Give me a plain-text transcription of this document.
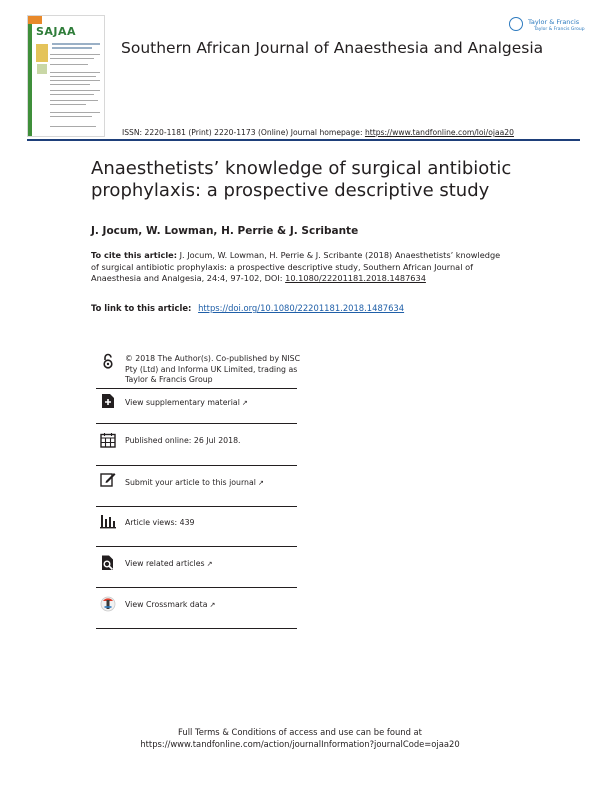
SAJAA
Southern African Journal of Anaesthesia and Analgesia
Taylor & Francis
Taylor & Francis Group
ISSN: 2220-1181 (Print) 2220-1173 (Online) Journal homepage: https://www.tandfonline.com/loi/ojaa20
Anaesthetists’ knowledge of surgical antibiotic prophylaxis: a prospective descriptive study
J. Jocum, W. Lowman, H. Perrie & J. Scribante
To cite this article: J. Jocum, W. Lowman, H. Perrie & J. Scribante (2018) Anaesthetists’ knowledge of surgical antibiotic prophylaxis: a prospective descriptive study, Southern African Journal of Anaesthesia and Analgesia, 24:4, 97-102, DOI: 10.1080/22201181.2018.1487634
To link to this article: https://doi.org/10.1080/22201181.2018.1487634
© 2018 The Author(s). Co-published by NISC Pty (Ltd) and Informa UK Limited, trading as Taylor & Francis Group
View supplementary material ↗
Published online: 26 Jul 2018.
Submit your article to this journal ↗
Article views: 439
View related articles ↗
View Crossmark data ↗
Full Terms & Conditions of access and use can be found at
https://www.tandfonline.com/action/journalInformation?journalCode=ojaa20
